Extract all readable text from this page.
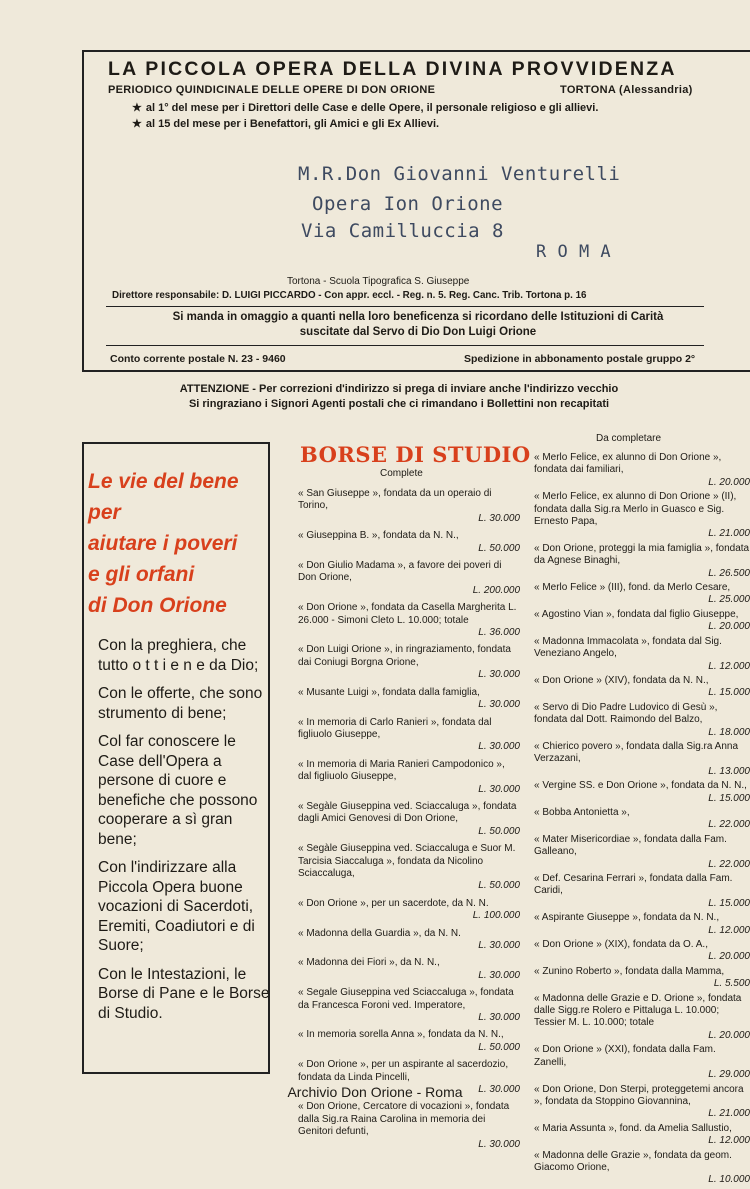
LA PICCOLA OPERA DELLA DIVINA PROVVIDENZA
PERIODICO QUINDICINALE DELLE OPERE DI DON ORIONE	TORTONA (Alessandria)
★ al 1° del mese per i Direttori delle Case e delle Opere, il personale religioso e gli allievi.
★ al 15 del mese per i Benefattori, gli Amici e gli Ex Allievi.
M.R.Don Giovanni Venturelli
Opera Ion Orione
Via Camilluccia 8
R O M A
Tortona - Scuola Tipografica S. Giuseppe
Direttore responsabile: D. LUIGI PICCARDO - Con appr. eccl. - Reg. n. 5. Reg. Canc. Trib. Tortona p. 16
Si manda in omaggio a quanti nella loro beneficenza si ricordano delle Istituzioni di Carità
suscitate dal Servo di Dio Don Luigi Orione
Conto corrente postale N. 23 - 9460	Spedizione in abbonamento postale gruppo 2°
ATTENZIONE - Per correzioni d'indirizzo si prega di inviare anche l'indirizzo vecchio
Si ringraziano i Signori Agenti postali che ci rimandano i Bollettini non recapitati
Le vie del bene
per
aiutare i poveri
e gli orfani
di Don Orione

Con la preghiera, che tutto o t t i e n e da Dio;

Con le offerte, che sono strumento di bene;

Col far conoscere le Case dell'Opera a persone di cuore e benefiche che possono cooperare a sì gran bene;

Con l'indirizzare alla Piccola Opera buone vocazioni di Sacerdoti, Eremiti, Coadiutori e di Suore;

Con le Intestazioni, le Borse di Pane e le Borse di Studio.

BORSE DI STUDIO
Complete
Da completare
« San Giuseppe », fondata da un operaio di Torino,
L. 30.000
« Giuseppina B. », fondata da N. N.,
L. 50.000
« Don Giulio Madama », a favore dei poveri di Don Orione,
L. 200.000
« Don Orione », fondata da Casella Margherita L. 26.000 - Simoni Cleto L. 10.000; totale
L. 36.000
« Don Luigi Orione », in ringraziamento, fondata dai Coniugi Borgna Orione,
L. 30.000
« Musante Luigi », fondata dalla famiglia,
L. 30.000
« In memoria di Carlo Ranieri », fondata dal figliuolo Giuseppe,
L. 30.000
« In memoria di Maria Ranieri Campodonico », dal figliuolo Giuseppe,
L. 30.000
« Segàle Giuseppina ved. Sciaccaluga », fondata dagli Amici Genovesi di Don Orione,
L. 50.000
« Segàle Giuseppina ved. Sciaccaluga e Suor M. Tarcisia Siaccaluga », fondata da Nicolino Sciaccaluga,
L. 50.000
« Don Orione », per un sacerdote, da N. N.
L. 100.000
« Madonna della Guardia », da N. N.
L. 30.000
« Madonna dei Fiori », da N. N.,
L. 30.000
« Segale Giuseppina ved Sciaccaluga », fondata da Francesca Foroni ved. Imperatore,
L. 30.000
« In memoria sorella Anna », fondata da N. N.,
L. 50.000
« Don Orione », per un aspirante al sacerdozio, fondata da Linda Pincelli,
L. 30.000
« Don Orione, Cercatore di vocazioni », fondata dalla Sig.ra Raina Carolina in memoria dei Genitori defunti,
L. 30.000
« Merlo Felice, ex alunno di Don Orione », fondata dai familiari,
L. 20.000
« Merlo Felice, ex alunno di Don Orione » (II), fondata dalla Sig.ra Merlo in Guasco e Sig. Ernesto Papa,
L. 21.000
« Don Orione, proteggi la mia famiglia », fondata da Agnese Binaghi,
L. 26.500
« Merlo Felice » (III), fond. da Merlo Cesare,
L. 25.000
« Agostino Vian », fondata dal figlio Giuseppe,
L. 20.000
« Madonna Immacolata », fondata dal Sig. Veneziano Angelo,
L. 12.000
« Don Orione » (XIV), fondata da N. N.,
L. 15.000
« Servo di Dio Padre Ludovico di Gesù », fondata dal Dott. Raimondo del Balzo,
L. 18.000
« Chierico povero », fondata dalla Sig.ra Anna Verzazani,
L. 13.000
« Vergine SS. e Don Orione », fondata da N. N.,
L. 15.000
« Bobba Antonietta »,
L. 22.000
« Mater Misericordiae », fondata dalla Fam. Galleano,
L. 22.000
« Def. Cesarina Ferrari », fondata dalla Fam. Caridi,
L. 15.000
« Aspirante Giuseppe », fondata da N. N.,
L. 12.000
« Don Orione » (XIX), fondata da O. A.,
L. 20.000
« Zunino Roberto », fondata dalla Mamma,
L. 5.500
« Madonna delle Grazie e D. Orione », fondata dalle Sigg.re Rolero e Pittaluga L. 10.000; Tessier M. L. 10.000; totale
L. 20.000
« Don Orione » (XXI), fondata dalla Fam. Zanelli,
L. 29.000
« Don Orione, Don Sterpi, proteggetemi ancora », fondata da Stoppino Giovannina,
L. 21.000
« Maria Assunta », fond. da Amelia Sallustio,
L. 12.000
« Madonna delle Grazie », fondata da geom. Giacomo Orione,
L. 10.000
Archivio Don Orione - Roma
